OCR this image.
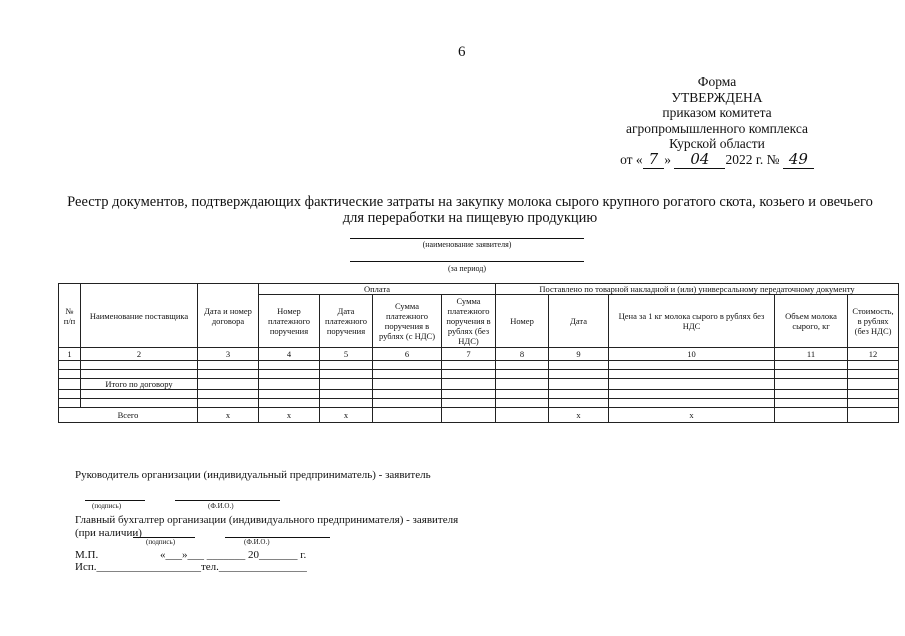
6
Форма
УТВЕРЖДЕНА
приказом комитета
агропромышленного комплекса
Курской области
от « 7 » 04 2022 г. № 49
Реестр документов, подтверждающих фактические затраты на закупку молока сырого крупного рогатого скота, козьего и овечьего для переработки на пищевую продукцию
(наименование заявителя)
(за период)
№ п/п	Наименование поставщика	Дата и номер договора	Оплата				Поставлено по товарной накладной и (или) универсальному передаточному документу				
			Номер платежного поручения	Дата платежного поручения	Сумма платежного поручения в рублях (с НДС)	Сумма платежного поручения в рублях (без НДС)	Номер	Дата	Цена за 1 кг молока сырого в рублях без НДС	Объем молока сырого, кг	Стоимость, в рублях (без НДС)
1	2	3	4	5	6	7	8	9	10	11	12

	Итого по договору										

Всего		x	x	x				x	x		
Руководитель организации (индивидуальный предприниматель) - заявитель
(подпись)	(Ф.И.О.)
Главный бухгалтер организации (индивидуального предпринимателя) - заявителя
(при наличии)
(подпись)	(Ф.И.О.)
М.П.	«___»___ _______ 20_______ г.
Исп.___________________тел.________________
